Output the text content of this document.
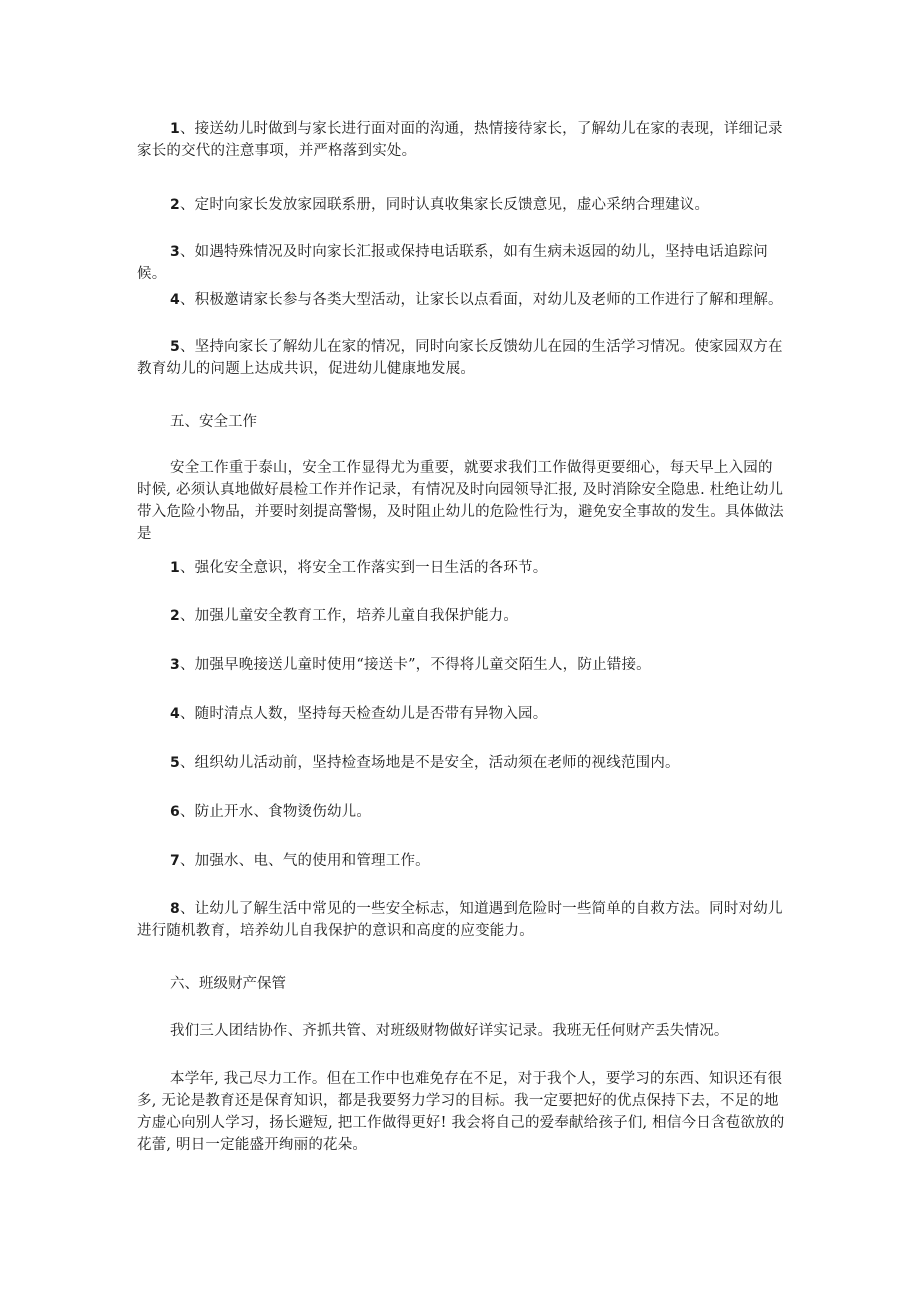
1、接送幼儿时做到与家长进行面对面的沟通，热情接待家长，了解幼儿在家的表现，详细记录家长的交代的注意事项，并严格落到实处。

2、定时向家长发放家园联系册，同时认真收集家长反馈意见，虚心采纳合理建议。

3、如遇特殊情况及时向家长汇报或保持电话联系，如有生病未返园的幼儿，坚持电话追踪问候。

4、积极邀请家长参与各类大型活动，让家长以点看面，对幼儿及老师的工作进行了解和理解。

5、坚持向家长了解幼儿在家的情况，同时向家长反馈幼儿在园的生活学习情况。使家园双方在教育幼儿的问题上达成共识，促进幼儿健康地发展。

五、安全工作

安全工作重于泰山，安全工作显得尤为重要，就要求我们工作做得更要细心，每天早上入园的时候, 必须认真地做好晨检工作并作记录，有情况及时向园领导汇报, 及时消除安全隐患. 杜绝让幼儿带入危险小物品，并要时刻提高警惕，及时阻止幼儿的危险性行为，避免安全事故的发生。具体做法是

1、强化安全意识，将安全工作落实到一日生活的各环节。

2、加强儿童安全教育工作，培养儿童自我保护能力。

3、加强早晚接送儿童时使用“接送卡”，不得将儿童交陌生人，防止错接。

4、随时清点人数，坚持每天检查幼儿是否带有异物入园。

5、组织幼儿活动前，坚持检查场地是不是安全，活动须在老师的视线范围内。

6、防止开水、食物烫伤幼儿。

7、加强水、电、气的使用和管理工作。

8、让幼儿了解生活中常见的一些安全标志，知道遇到危险时一些简单的自救方法。同时对幼儿进行随机教育，培养幼儿自我保护的意识和高度的应变能力。

六、班级财产保管

我们三人团结协作、齐抓共管、对班级财物做好详实记录。我班无任何财产丢失情况。

本学年, 我己尽力工作。但在工作中也难免存在不足，对于我个人，要学习的东西、知识还有很多, 无论是教育还是保育知识，都是我要努力学习的目标。我一定要把好的优点保持下去，不足的地方虚心向别人学习，扬长避短, 把工作做得更好! 我会将自己的爱奉献给孩子们, 相信今日含苞欲放的花蕾, 明日一定能盛开绚丽的花朵。
